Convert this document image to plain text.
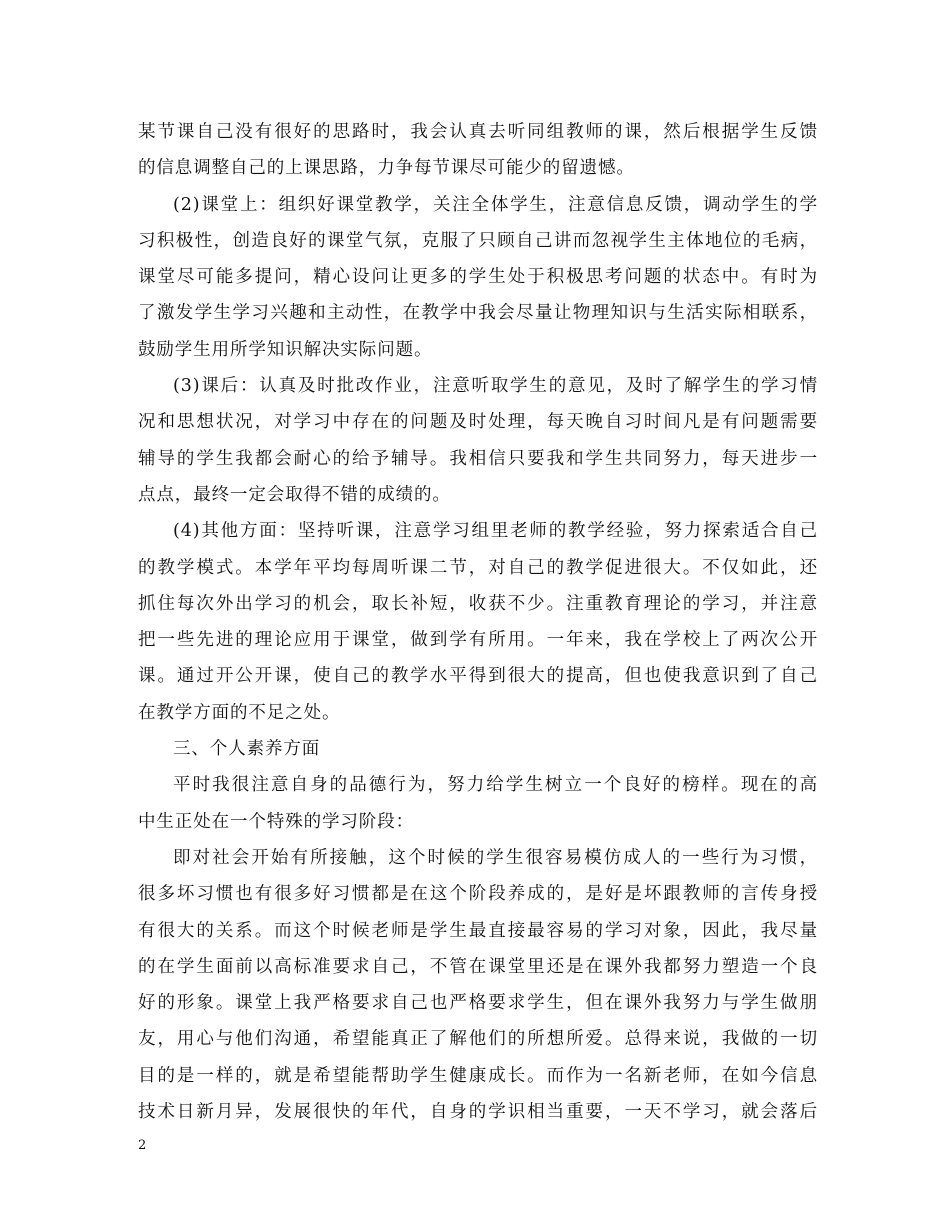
某节课自己没有很好的思路时，我会认真去听同组教师的课，然后根据学生反馈
的信息调整自己的上课思路，力争每节课尽可能少的留遗憾。
(2)课堂上：组织好课堂教学，关注全体学生，注意信息反馈，调动学生的学
习积极性，创造良好的课堂气氛，克服了只顾自己讲而忽视学生主体地位的毛病，
课堂尽可能多提问，精心设问让更多的学生处于积极思考问题的状态中。有时为
了激发学生学习兴趣和主动性，在教学中我会尽量让物理知识与生活实际相联系，
鼓励学生用所学知识解决实际问题。
(3)课后：认真及时批改作业，注意听取学生的意见，及时了解学生的学习情
况和思想状况，对学习中存在的问题及时处理，每天晚自习时间凡是有问题需要
辅导的学生我都会耐心的给予辅导。我相信只要我和学生共同努力，每天进步一
点点，最终一定会取得不错的成绩的。
(4)其他方面：坚持听课，注意学习组里老师的教学经验，努力探索适合自己
的教学模式。本学年平均每周听课二节，对自己的教学促进很大。不仅如此，还
抓住每次外出学习的机会，取长补短，收获不少。注重教育理论的学习，并注意
把一些先进的理论应用于课堂，做到学有所用。一年来，我在学校上了两次公开
课。通过开公开课，使自己的教学水平得到很大的提高，但也使我意识到了自己
在教学方面的不足之处。
三、个人素养方面
平时我很注意自身的品德行为，努力给学生树立一个良好的榜样。现在的高
中生正处在一个特殊的学习阶段：
即对社会开始有所接触，这个时候的学生很容易模仿成人的一些行为习惯，
很多坏习惯也有很多好习惯都是在这个阶段养成的，是好是坏跟教师的言传身授
有很大的关系。而这个时候老师是学生最直接最容易的学习对象，因此，我尽量
的在学生面前以高标准要求自己，不管在课堂里还是在课外我都努力塑造一个良
好的形象。课堂上我严格要求自己也严格要求学生，但在课外我努力与学生做朋
友，用心与他们沟通，希望能真正了解他们的所想所爱。总得来说，我做的一切
目的是一样的，就是希望能帮助学生健康成长。而作为一名新老师，在如今信息
技术日新月异，发展很快的年代，自身的学识相当重要，一天不学习，就会落后
2
